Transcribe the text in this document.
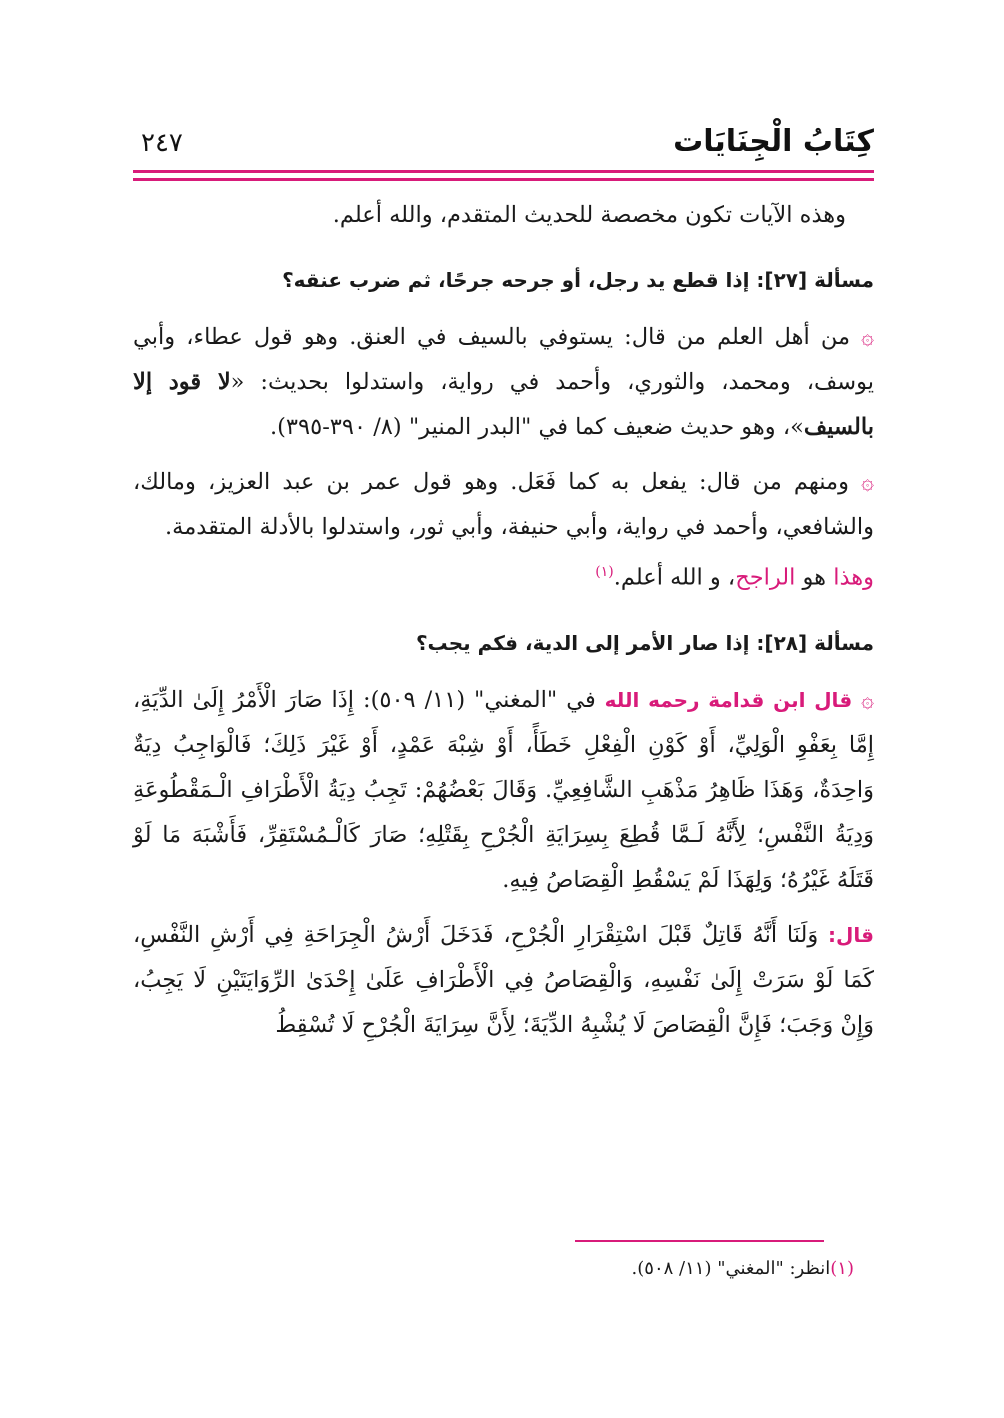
كِتَابُ الْجِنَايَات
٢٤٧

وهذه الآيات تكون مخصصة للحديث المتقدم، والله أعلم.

مسألة [٢٧]: إذا قطع يد رجل، أو جرحه جرحًا، ثم ضرب عنقه؟

۞ من أهل العلم من قال: يستوفي بالسيف في العنق. وهو قول عطاء، وأبي يوسف، ومحمد، والثوري، وأحمد في رواية، واستدلوا بحديث: «لا قود إلا بالسيف»، وهو حديث ضعيف كما في "البدر المنير" (٨/ ٣٩٠-٣٩٥).

۞ ومنهم من قال: يفعل به كما فَعَل. وهو قول عمر بن عبد العزيز، ومالك، والشافعي، وأحمد في رواية، وأبي حنيفة، وأبي ثور، واستدلوا بالأدلة المتقدمة.

وهذا هو الراجح، و الله أعلم.$^{(١)}$

مسألة [٢٨]: إذا صار الأمر إلى الدية، فكم يجب؟

۞ قال ابن قدامة رحمه الله في "المغني" (١١/ ٥٠٩): إِذَا صَارَ الْأَمْرُ إِلَىٰ الدِّيَةِ، إِمَّا بِعَفْوِ الْوَلِيِّ، أَوْ كَوْنِ الْفِعْلِ خَطَأً، أَوْ شِبْهَ عَمْدٍ، أَوْ غَيْرَ ذَلِكَ؛ فَالْوَاجِبُ دِيَةٌ وَاحِدَةٌ، وَهَذَا ظَاهِرُ مَذْهَبِ الشَّافِعِيِّ. وَقَالَ بَعْضُهُمْ: تَجِبُ دِيَةُ الْأَطْرَافِ الْـمَقْطُوعَةِ وَدِيَةُ النَّفْسِ؛ لِأَنَّهُ لَـمَّا قُطِعَ بِسِرَايَةِ الْجُرْحِ بِقَتْلِهِ؛ صَارَ كَالْـمُسْتَقِرِّ، فَأَشْبَهَ مَا لَوْ قَتَلَهُ غَيْرُهُ؛ وَلِهَذَا لَمْ يَسْقُطِ الْقِصَاصُ فِيهِ.

قال: وَلَنَا أَنَّهُ قَاتِلٌ قَبْلَ اسْتِقْرَارِ الْجُرْحِ، فَدَخَلَ أَرْشُ الْجِرَاحَةِ فِي أَرْشِ النَّفْسِ، كَمَا لَوْ سَرَتْ إِلَىٰ نَفْسِهِ، وَالْقِصَاصُ فِي الْأَطْرَافِ عَلَىٰ إِحْدَىٰ الرِّوَايَتَيْنِ لَا يَجِبُ، وَإِنْ وَجَبَ؛ فَإِنَّ الْقِصَاصَ لَا يُشْبِهُ الدِّيَةَ؛ لِأَنَّ سِرَايَةَ الْجُرْحِ لَا تُسْقِطُ

(١)انظر: "المغني" (١١/ ٥٠٨).
